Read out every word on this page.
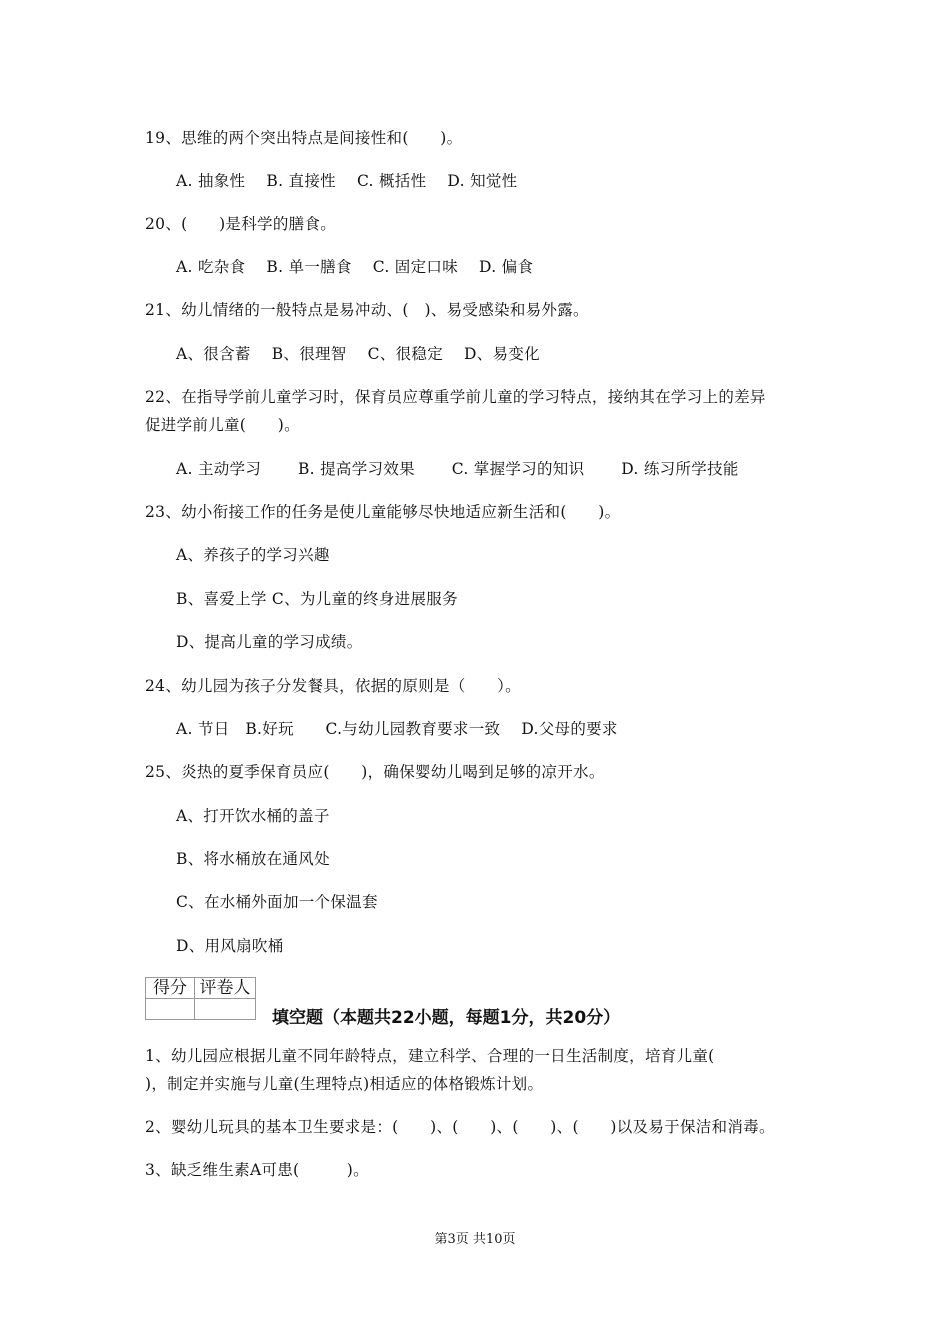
19、思维的两个突出特点是间接性和(　　)。
A. 抽象性　 B. 直接性　 C. 概括性　 D. 知觉性
20、(　　)是科学的膳食。
A. 吃杂食　 B. 单一膳食　 C. 固定口味　 D. 偏食
21、幼儿情绪的一般特点是易冲动、(　)、易受感染和易外露。
A、很含蓄　 B、很理智　 C、很稳定　 D、易变化
22、在指导学前儿童学习时，保育员应尊重学前儿童的学习特点，接纳其在学习上的差异
促进学前儿童(　　)。
A. 主动学习　　 B. 提高学习效果　　 C. 掌握学习的知识　　 D. 练习所学技能
23、幼小衔接工作的任务是使儿童能够尽快地适应新生活和(　　)。
A、养孩子的学习兴趣
B、喜爱上学 C、为儿童的终身进展服务
D、提高儿童的学习成绩。
24、幼儿园为孩子分发餐具，依据的原则是（　　）。
A. 节日　B.好玩　　C.与幼儿园教育要求一致　 D.父母的要求
25、炎热的夏季保育员应(　　)，确保婴幼儿喝到足够的凉开水。
A、打开饮水桶的盖子
B、将水桶放在通风处
C、在水桶外面加一个保温套
D、用风扇吹桶
得分	评卷人

填空题（本题共22小题，每题1分，共20分）
1、幼儿园应根据儿童不同年龄特点，建立科学、合理的一日生活制度，培育儿童(
)，制定并实施与儿童(生理特点)相适应的体格锻炼计划。
2、婴幼儿玩具的基本卫生要求是：(　　)、(　　)、(　　)、(　　)以及易于保洁和消毒。
3、缺乏维生素A可患(　　　)。
第3页 共10页
